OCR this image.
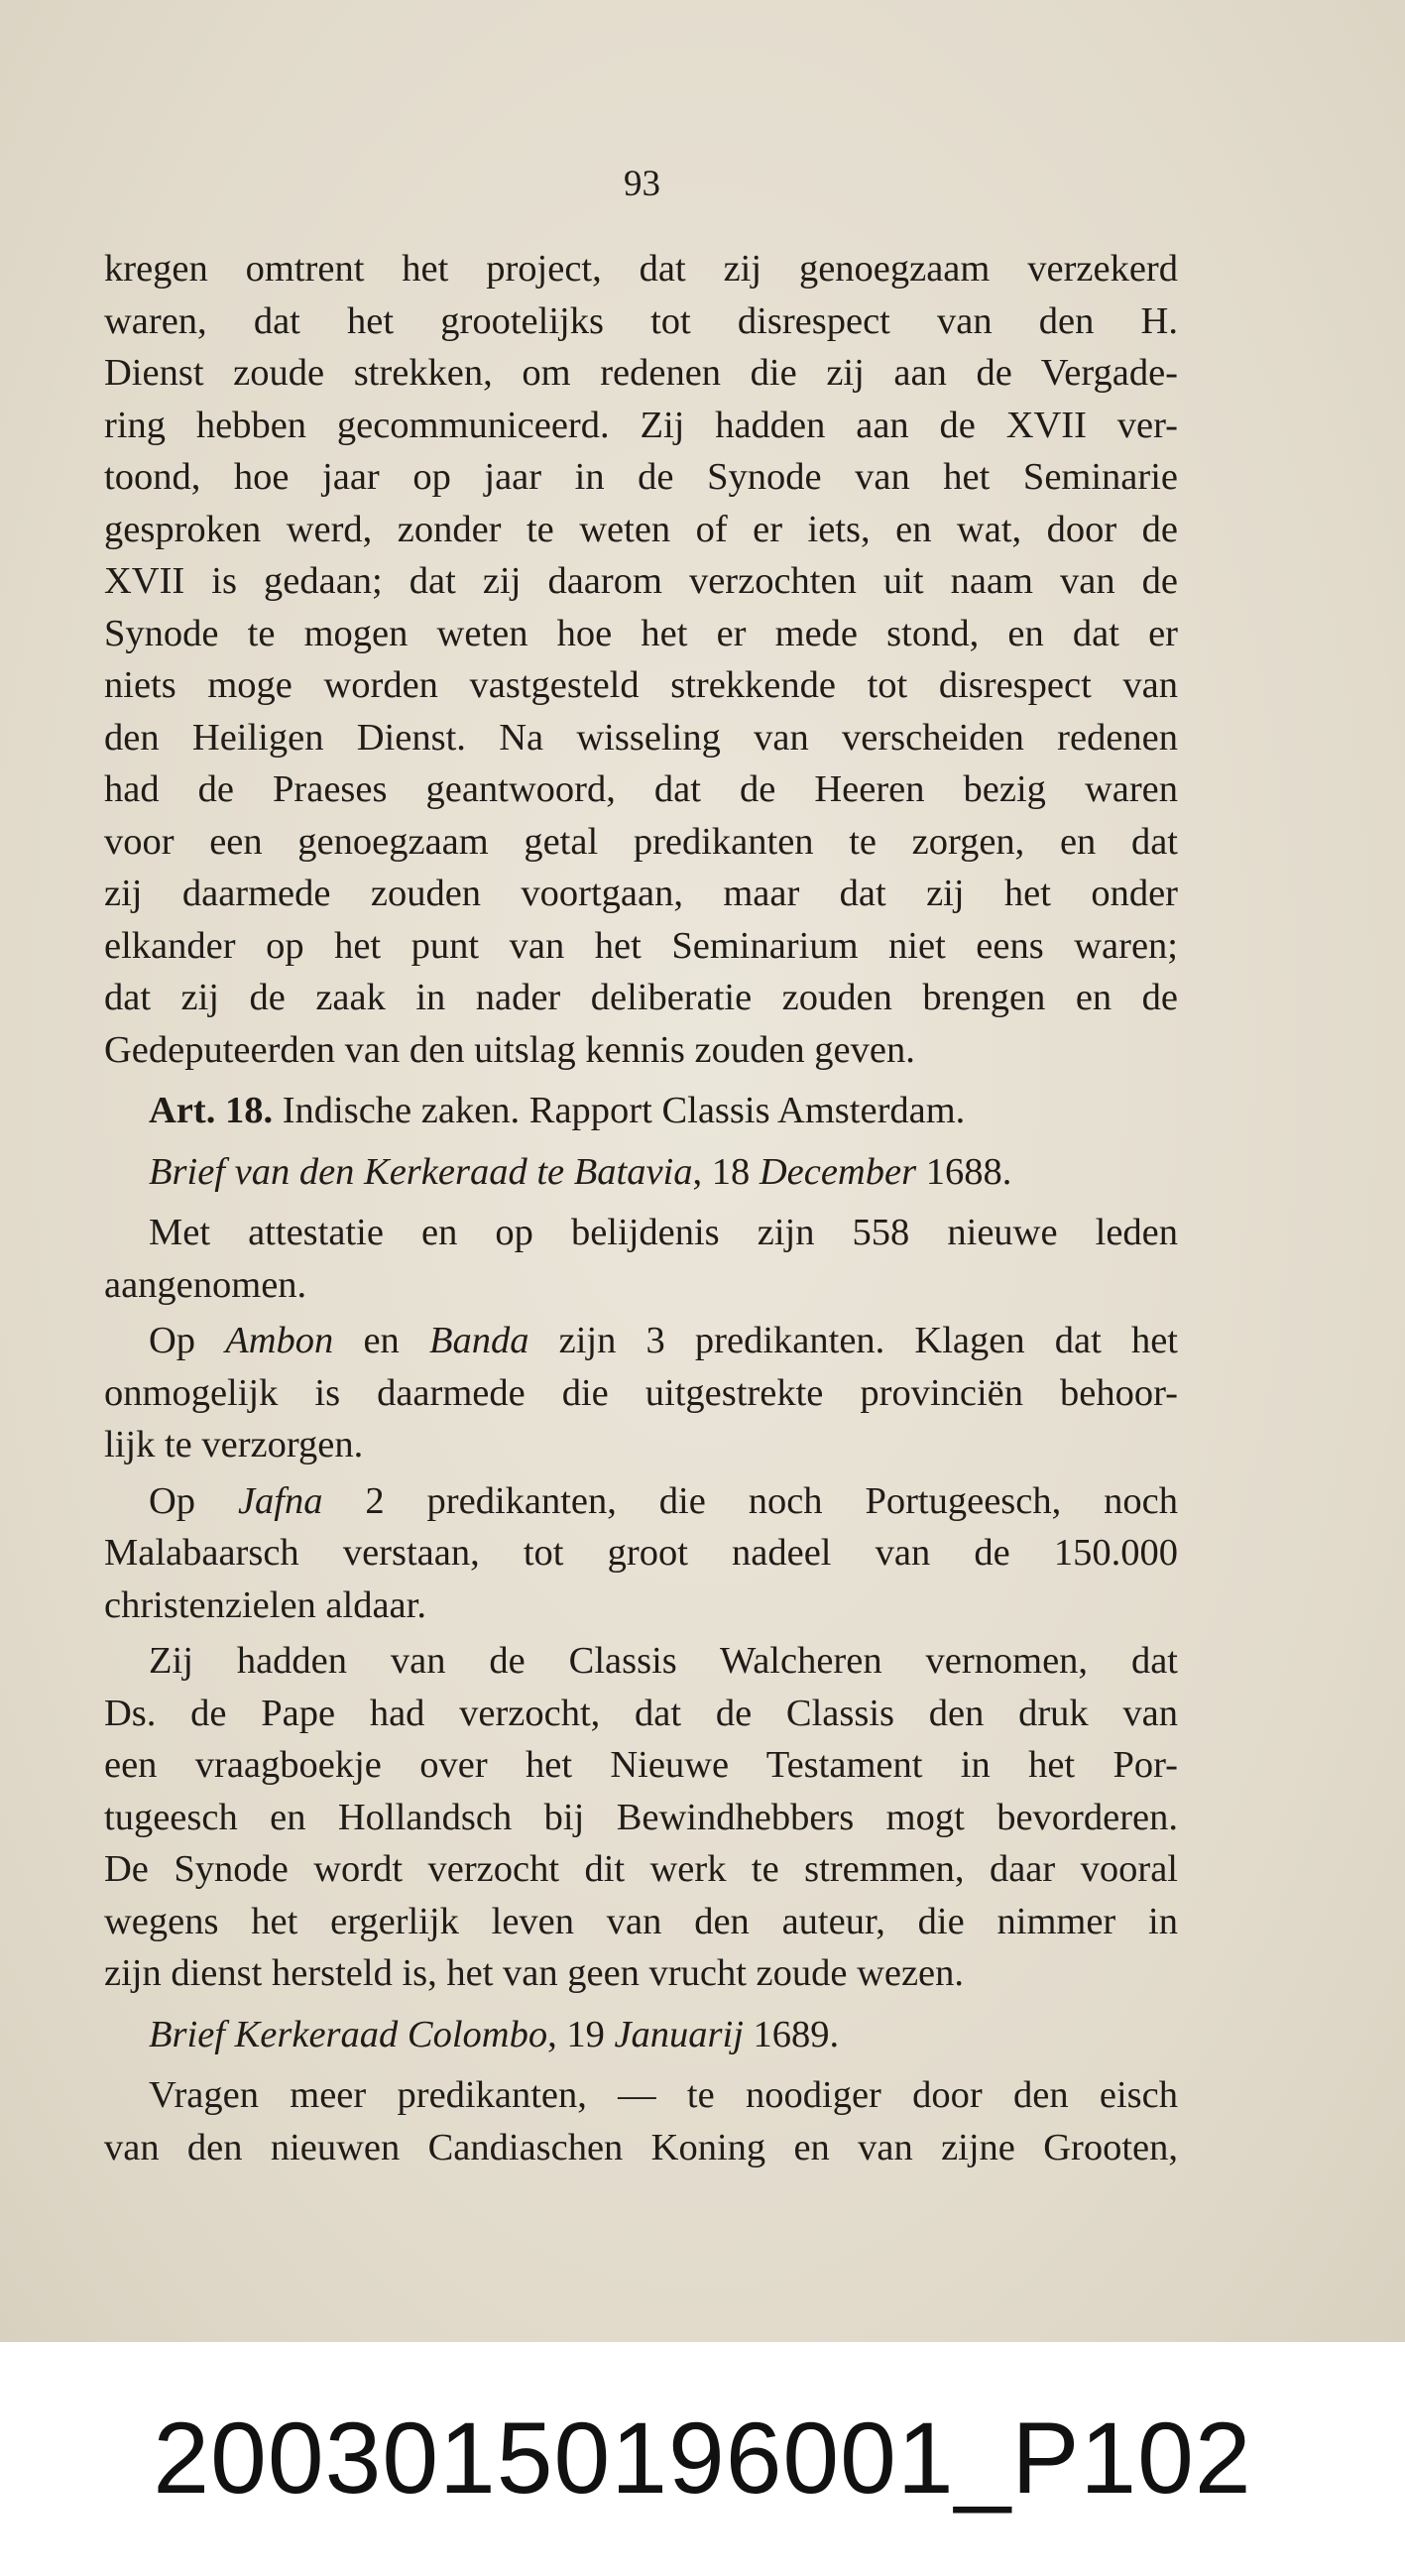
93
kregen omtrent het project, dat zij genoegzaam verzekerd
waren, dat het grootelijks tot disrespect van den H.
Dienst zoude strekken, om redenen die zij aan de Vergade-
ring hebben gecommuniceerd. Zij hadden aan de XVII ver-
toond, hoe jaar op jaar in de Synode van het Seminarie
gesproken werd, zonder te weten of er iets, en wat, door de
XVII is gedaan; dat zij daarom verzochten uit naam van de
Synode te mogen weten hoe het er mede stond, en dat er
niets moge worden vastgesteld strekkende tot disrespect van
den Heiligen Dienst. Na wisseling van verscheiden redenen
had de Praeses geantwoord, dat de Heeren bezig waren
voor een genoegzaam getal predikanten te zorgen, en dat
zij daarmede zouden voortgaan, maar dat zij het onder
elkander op het punt van het Seminarium niet eens waren;
dat zij de zaak in nader deliberatie zouden brengen en de
Gedeputeerden van den uitslag kennis zouden geven.
Art. 18. Indische zaken. Rapport Classis Amsterdam.
Brief van den Kerkeraad te Batavia, 18 December 1688.
Met attestatie en op belijdenis zijn 558 nieuwe leden
aangenomen.
Op Ambon en Banda zijn 3 predikanten. Klagen dat het
onmogelijk is daarmede die uitgestrekte provinciën behoor-
lijk te verzorgen.
Op Jafna 2 predikanten, die noch Portugeesch, noch
Malabaarsch verstaan, tot groot nadeel van de 150.000
christenzielen aldaar.
Zij hadden van de Classis Walcheren vernomen, dat
Ds. de Pape had verzocht, dat de Classis den druk van
een vraagboekje over het Nieuwe Testament in het Por-
tugeesch en Hollandsch bij Bewindhebbers mogt bevorderen.
De Synode wordt verzocht dit werk te stremmen, daar vooral
wegens het ergerlijk leven van den auteur, die nimmer in
zijn dienst hersteld is, het van geen vrucht zoude wezen.
Brief Kerkeraad Colombo, 19 Januarij 1689.
Vragen meer predikanten, — te noodiger door den eisch
van den nieuwen Candiaschen Koning en van zijne Grooten,
20030150196001_P102
